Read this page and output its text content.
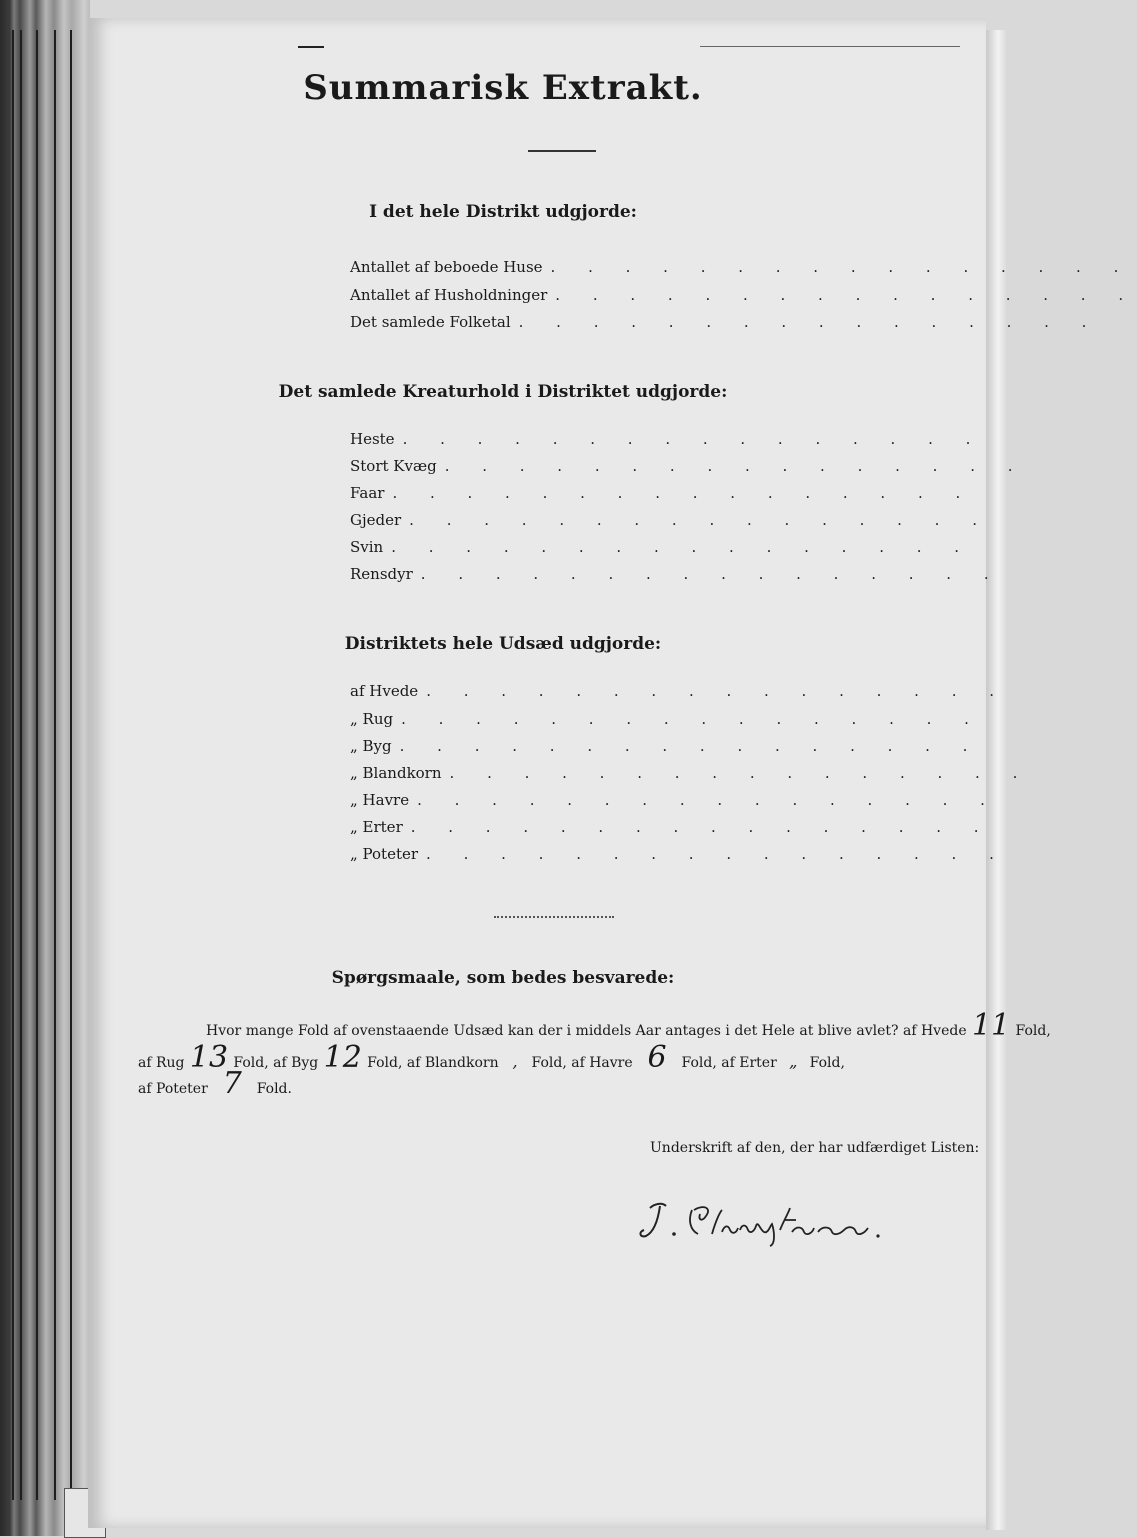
Summarisk Extrakt.
I det hele Distrikt udgjorde:
Antallet af beboede Huse . . . . . . . . . . . . . . . .
Antallet af Husholdninger . . . . . . . . . . . . . . . .
Det samlede Folketal . . . . . . . . . . . . . . . .
Det samlede Kreaturhold i Distriktet udgjorde:
Heste . . . . . . . . . . . . . . . .
Stort Kvæg . . . . . . . . . . . . . . . .
Faar . . . . . . . . . . . . . . . .
Gjeder . . . . . . . . . . . . . . . .
Svin . . . . . . . . . . . . . . . .
Rensdyr . . . . . . . . . . . . . . . .
Distriktets hele Udsæd udgjorde:
af Hvede . . . . . . . . . . . . . . . .
„ Rug . . . . . . . . . . . . . . . .
„ Byg . . . . . . . . . . . . . . . .
„ Blandkorn . . . . . . . . . . . . . . . .
„ Havre . . . . . . . . . . . . . . . .
„ Erter . . . . . . . . . . . . . . . .
„ Poteter . . . . . . . . . . . . . . . .
Spørgsmaale, som bedes besvarede:
Hvor mange Fold af ovenstaaende Udsæd kan der i middels Aar antages i det Hele at blive avlet? af Hvede 11 Fold,
af Rug 13 Fold, af Byg 12 Fold, af Blandkorn , Fold, af Havre 6 Fold, af Erter „ Fold,
af Poteter 7 Fold.
Underskrift af den, der har udfærdiget Listen:
